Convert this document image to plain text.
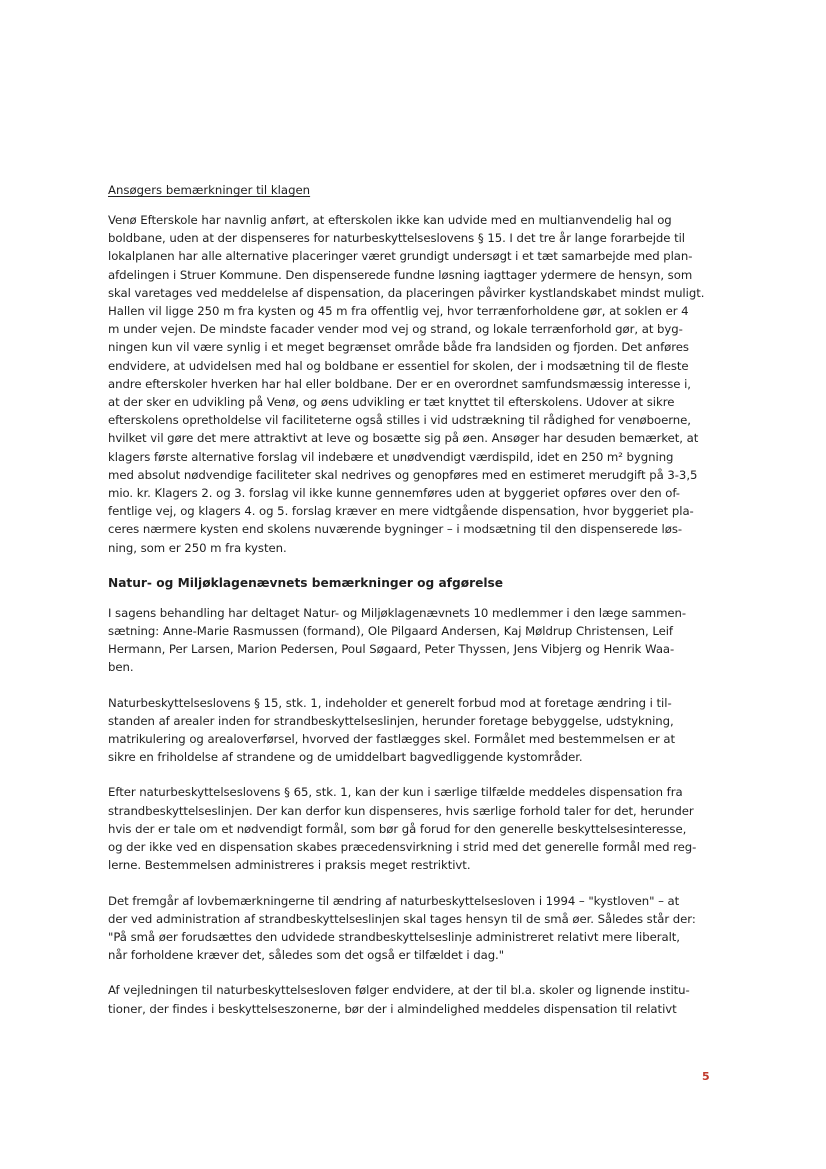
Ansøgers bemærkninger til klagen

Venø Efterskole har navnlig anført, at efterskolen ikke kan udvide med en multianvendelig hal og
boldbane, uden at der dispenseres for naturbeskyttelseslovens § 15. I det tre år lange forarbejde til
lokalplanen har alle alternative placeringer været grundigt undersøgt i et tæt samarbejde med plan-
afdelingen i Struer Kommune. Den dispenserede fundne løsning iagttager ydermere de hensyn, som
skal varetages ved meddelelse af dispensation, da placeringen påvirker kystlandskabet mindst muligt.
Hallen vil ligge 250 m fra kysten og 45 m fra offentlig vej, hvor terrænforholdene gør, at soklen er 4
m under vejen. De mindste facader vender mod vej og strand, og lokale terrænforhold gør, at byg-
ningen kun vil være synlig i et meget begrænset område både fra landsiden og fjorden. Det anføres
endvidere, at udvidelsen med hal og boldbane er essentiel for skolen, der i modsætning til de fleste
andre efterskoler hverken har hal eller boldbane. Der er en overordnet samfundsmæssig interesse i,
at der sker en udvikling på Venø, og øens udvikling er tæt knyttet til efterskolens. Udover at sikre
efterskolens opretholdelse vil faciliteterne også stilles i vid udstrækning til rådighed for venøboerne,
hvilket vil gøre det mere attraktivt at leve og bosætte sig på øen. Ansøger har desuden bemærket, at
klagers første alternative forslag vil indebære et unødvendigt værdispild, idet en 250 m² bygning
med absolut nødvendige faciliteter skal nedrives og genopføres med en estimeret merudgift på 3-3,5
mio. kr. Klagers 2. og 3. forslag vil ikke kunne gennemføres uden at byggeriet opføres over den of-
fentlige vej, og klagers 4. og 5. forslag kræver en mere vidtgående dispensation, hvor byggeriet pla-
ceres nærmere kysten end skolens nuværende bygninger – i modsætning til den dispenserede løs-
ning, som er 250 m fra kysten.

Natur- og Miljøklagenævnets bemærkninger og afgørelse

I sagens behandling har deltaget Natur- og Miljøklagenævnets 10 medlemmer i den læge sammen-
sætning: Anne-Marie Rasmussen (formand), Ole Pilgaard Andersen, Kaj Møldrup Christensen, Leif
Hermann, Per Larsen, Marion Pedersen, Poul Søgaard, Peter Thyssen, Jens Vibjerg og Henrik Waa-
ben.

Naturbeskyttelseslovens § 15, stk. 1, indeholder et generelt forbud mod at foretage ændring i til-
standen af arealer inden for strandbeskyttelseslinjen, herunder foretage bebyggelse, udstykning,
matrikulering og arealoverførsel, hvorved der fastlægges skel. Formålet med bestemmelsen er at
sikre en friholdelse af strandene og de umiddelbart bagvedliggende kystområder.

Efter naturbeskyttelseslovens § 65, stk. 1, kan der kun i særlige tilfælde meddeles dispensation fra
strandbeskyttelseslinjen. Der kan derfor kun dispenseres, hvis særlige forhold taler for det, herunder
hvis der er tale om et nødvendigt formål, som bør gå forud for den generelle beskyttelsesinteresse,
og der ikke ved en dispensation skabes præcedensvirkning i strid med det generelle formål med reg-
lerne. Bestemmelsen administreres i praksis meget restriktivt.

Det fremgår af lovbemærkningerne til ændring af naturbeskyttelsesloven i 1994 – "kystloven" – at
der ved administration af strandbeskyttelseslinjen skal tages hensyn til de små øer. Således står der:
"På små øer forudsættes den udvidede strandbeskyttelseslinje administreret relativt mere liberalt,
når forholdene kræver det, således som det også er tilfældet i dag."

Af vejledningen til naturbeskyttelsesloven følger endvidere, at der til bl.a. skoler og lignende institu-
tioner, der findes i beskyttelseszonerne, bør der i almindelighed meddeles dispensation til relativt

5
